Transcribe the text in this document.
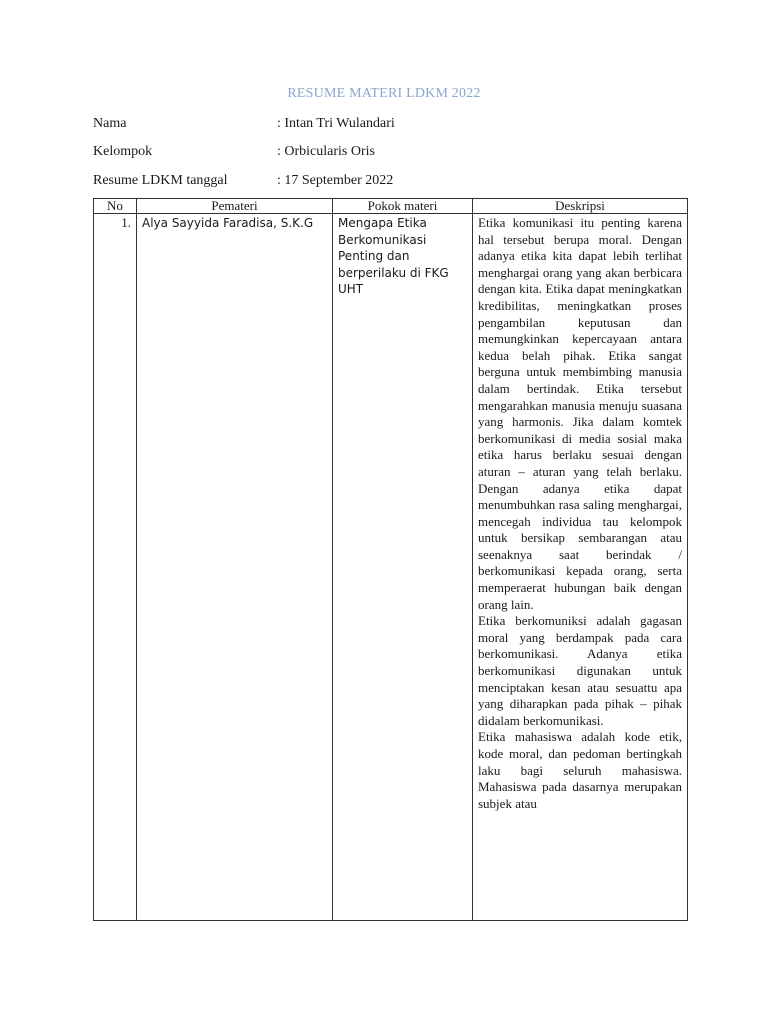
RESUME MATERI LDKM 2022
Nama	: Intan Tri Wulandari
Kelompok	: Orbicularis Oris
Resume LDKM tanggal	: 17 September 2022
No	Pemateri	Pokok materi	Deskripsi
1.	Alya Sayyida Faradisa, S.K.G	Mengapa Etika Berkomunikasi Penting dan berperilaku di FKG UHT	Etika komunikasi itu penting karena hal tersebut berupa moral. Dengan adanya etika kita dapat lebih terlihat menghargai orang yang akan berbicara dengan kita. Etika dapat meningkatkan kredibilitas, meningkatkan proses pengambilan keputusan dan memungkinkan kepercayaan antara kedua belah pihak. Etika sangat berguna untuk membimbing manusia dalam bertindak. Etika tersebut mengarahkan manusia menuju suasana yang harmonis. Jika dalam komtek berkomunikasi di media sosial maka etika harus berlaku sesuai dengan aturan – aturan yang telah berlaku. Dengan adanya etika dapat menumbuhkan rasa saling menghargai, mencegah individua tau kelompok untuk bersikap sembarangan atau seenaknya saat berindak / berkomunikasi kepada orang, serta memperaerat hubungan baik dengan orang lain.
Etika berkomuniksi adalah gagasan moral yang berdampak pada cara berkomunikasi. Adanya etika berkomunikasi digunakan untuk menciptakan kesan atau sesuattu apa yang diharapkan pada pihak – pihak didalam berkomunikasi.
Etika mahasiswa adalah kode etik, kode moral, dan pedoman bertingkah laku bagi seluruh mahasiswa. Mahasiswa pada dasarnya merupakan subjek atau
